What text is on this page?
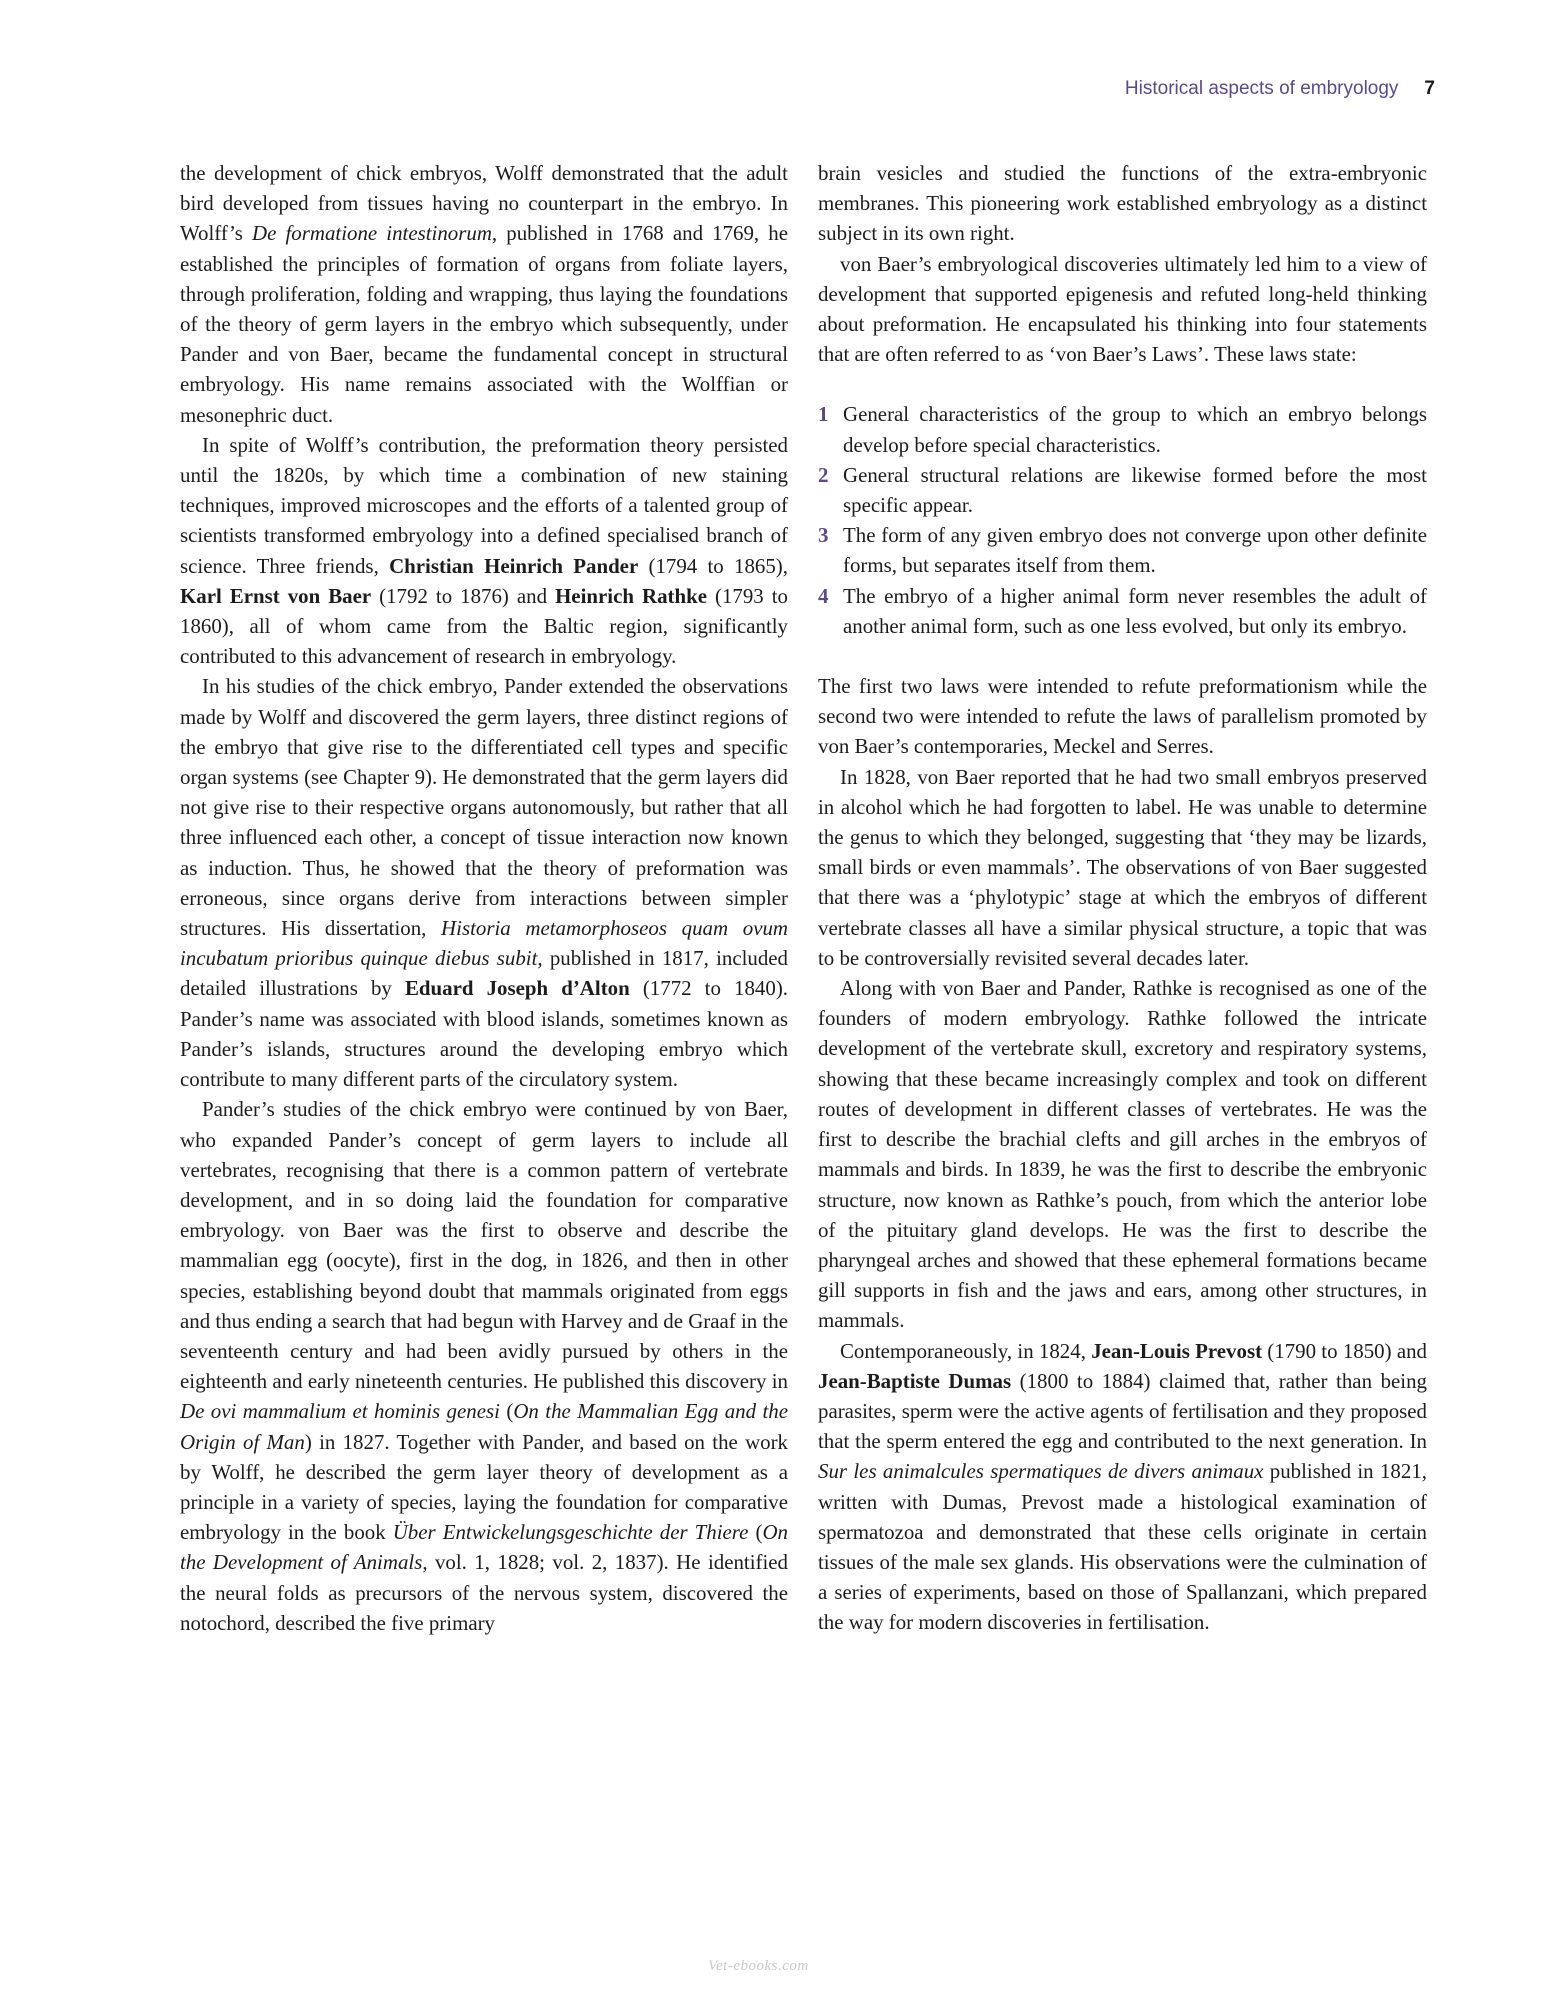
Historical aspects of embryology 7

the development of chick embryos, Wolff demonstrated that the adult bird developed from tissues having no counterpart in the embryo. In Wolff’s De formatione intestinorum, published in 1768 and 1769, he established the principles of formation of organs from foliate layers, through proliferation, folding and wrapping, thus laying the foundations of the theory of germ layers in the embryo which subsequently, under Pander and von Baer, became the fundamental concept in structural embryology. His name remains associated with the Wolffian or mesonephric duct.

In spite of Wolff’s contribution, the preformation theory persisted until the 1820s, by which time a combination of new staining techniques, improved microscopes and the efforts of a talented group of scientists transformed embryology into a defined specialised branch of science. Three friends, Christian Heinrich Pander (1794 to 1865), Karl Ernst von Baer (1792 to 1876) and Heinrich Rathke (1793 to 1860), all of whom came from the Baltic region, significantly contributed to this advancement of research in embryology.

In his studies of the chick embryo, Pander extended the observations made by Wolff and discovered the germ layers, three distinct regions of the embryo that give rise to the differentiated cell types and specific organ systems (see Chapter 9). He demonstrated that the germ layers did not give rise to their respective organs autonomously, but rather that all three influenced each other, a concept of tissue interaction now known as induction. Thus, he showed that the theory of preformation was erroneous, since organs derive from interactions between simpler structures. His dissertation, Historia metamorphoseos quam ovum incubatum prioribus quinque diebus subit, published in 1817, included detailed illustrations by Eduard Joseph d’Alton (1772 to 1840). Pander’s name was associated with blood islands, sometimes known as Pander’s islands, structures around the developing embryo which contribute to many different parts of the circulatory system.

Pander’s studies of the chick embryo were continued by von Baer, who expanded Pander’s concept of germ layers to include all vertebrates, recognising that there is a common pattern of vertebrate development, and in so doing laid the foundation for comparative embryology. von Baer was the first to observe and describe the mammalian egg (oocyte), first in the dog, in 1826, and then in other species, establishing beyond doubt that mammals originated from eggs and thus ending a search that had begun with Harvey and de Graaf in the seventeenth century and had been avidly pursued by others in the eighteenth and early nineteenth centuries. He published this discovery in De ovi mammalium et hominis genesi (On the Mammalian Egg and the Origin of Man) in 1827. Together with Pander, and based on the work by Wolff, he described the germ layer theory of development as a principle in a variety of species, laying the foundation for comparative embryology in the book Über Entwickelungsgeschichte der Thiere (On the Development of Animals, vol. 1, 1828; vol. 2, 1837). He identified the neural folds as precursors of the nervous system, discovered the notochord, described the five primary

brain vesicles and studied the functions of the extra-embryonic membranes. This pioneering work established embryology as a distinct subject in its own right.

von Baer’s embryological discoveries ultimately led him to a view of development that supported epigenesis and refuted long-held thinking about preformation. He encapsulated his thinking into four statements that are often referred to as ‘von Baer’s Laws’. These laws state:

1 General characteristics of the group to which an embryo belongs develop before special characteristics.
2 General structural relations are likewise formed before the most specific appear.
3 The form of any given embryo does not converge upon other definite forms, but separates itself from them.
4 The embryo of a higher animal form never resembles the adult of another animal form, such as one less evolved, but only its embryo.

The first two laws were intended to refute preformationism while the second two were intended to refute the laws of parallelism promoted by von Baer’s contemporaries, Meckel and Serres.

In 1828, von Baer reported that he had two small embryos preserved in alcohol which he had forgotten to label. He was unable to determine the genus to which they belonged, suggesting that ‘they may be lizards, small birds or even mammals’. The observations of von Baer suggested that there was a ‘phylotypic’ stage at which the embryos of different vertebrate classes all have a similar physical structure, a topic that was to be controversially revisited several decades later.

Along with von Baer and Pander, Rathke is recognised as one of the founders of modern embryology. Rathke followed the intricate development of the vertebrate skull, excretory and respiratory systems, showing that these became increasingly complex and took on different routes of development in different classes of vertebrates. He was the first to describe the brachial clefts and gill arches in the embryos of mammals and birds. In 1839, he was the first to describe the embryonic structure, now known as Rathke’s pouch, from which the anterior lobe of the pituitary gland develops. He was the first to describe the pharyngeal arches and showed that these ephemeral formations became gill supports in fish and the jaws and ears, among other structures, in mammals.

Contemporaneously, in 1824, Jean-Louis Prevost (1790 to 1850) and Jean-Baptiste Dumas (1800 to 1884) claimed that, rather than being parasites, sperm were the active agents of fertilisation and they proposed that the sperm entered the egg and contributed to the next generation. In Sur les animalcules spermatiques de divers animaux published in 1821, written with Dumas, Prevost made a histological examination of spermatozoa and demonstrated that these cells originate in certain tissues of the male sex glands. His observations were the culmination of a series of experiments, based on those of Spallanzani, which prepared the way for modern discoveries in fertilisation.

Vet-ebooks.com
